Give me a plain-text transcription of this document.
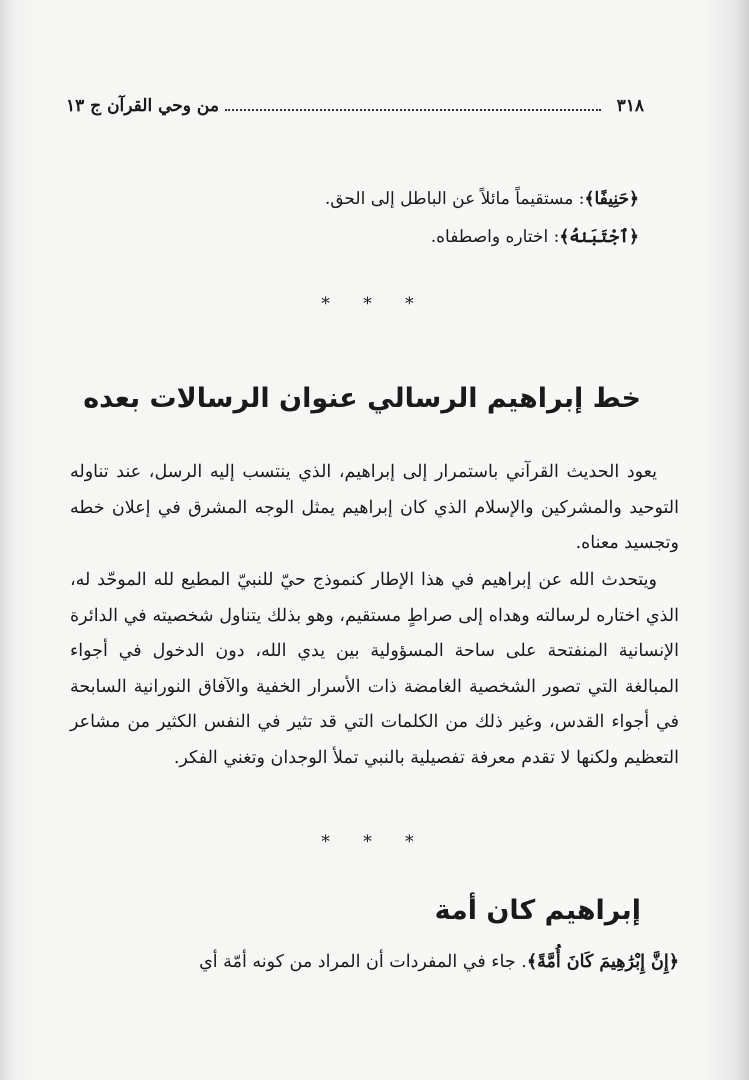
٣١٨
من وحي القرآن ج ١٣
﴿حَنِيفًا﴾: مستقيماً مائلاً عن الباطل إلى الحق.
﴿ٱجْتَبَنٰهُ﴾: اختاره واصطفاه.
* * *
خط إبراهيم الرسالي عنوان الرسالات بعده

يعود الحديث القرآني باستمرار إلى إبراهيم، الذي ينتسب إليه الرسل، عند تناوله التوحيد والمشركين والإسلام الذي كان إبراهيم يمثل الوجه المشرق في إعلان خطه وتجسيد معناه.

ويتحدث الله عن إبراهيم في هذا الإطار كنموذج حيّ للنبيّ المطيع لله الموحّد له، الذي اختاره لرسالته وهداه إلى صراطٍ مستقيم، وهو بذلك يتناول شخصيته في الدائرة الإنسانية المنفتحة على ساحة المسؤولية بين يدي الله، دون الدخول في أجواء المبالغة التي تصور الشخصية الغامضة ذات الأسرار الخفية والآفاق النورانية السابحة في أجواء القدس، وغير ذلك من الكلمات التي قد تثير في النفس الكثير من مشاعر التعظيم ولكنها لا تقدم معرفة تفصيلية بالنبي تملأ الوجدان وتغني الفكر.

* * *
إبراهيم كان أمة

﴿إِنَّ إِبْرَٰهِيمَ كَانَ أُمَّةً﴾. جاء في المفردات أن المراد من كونه أمّة أي
